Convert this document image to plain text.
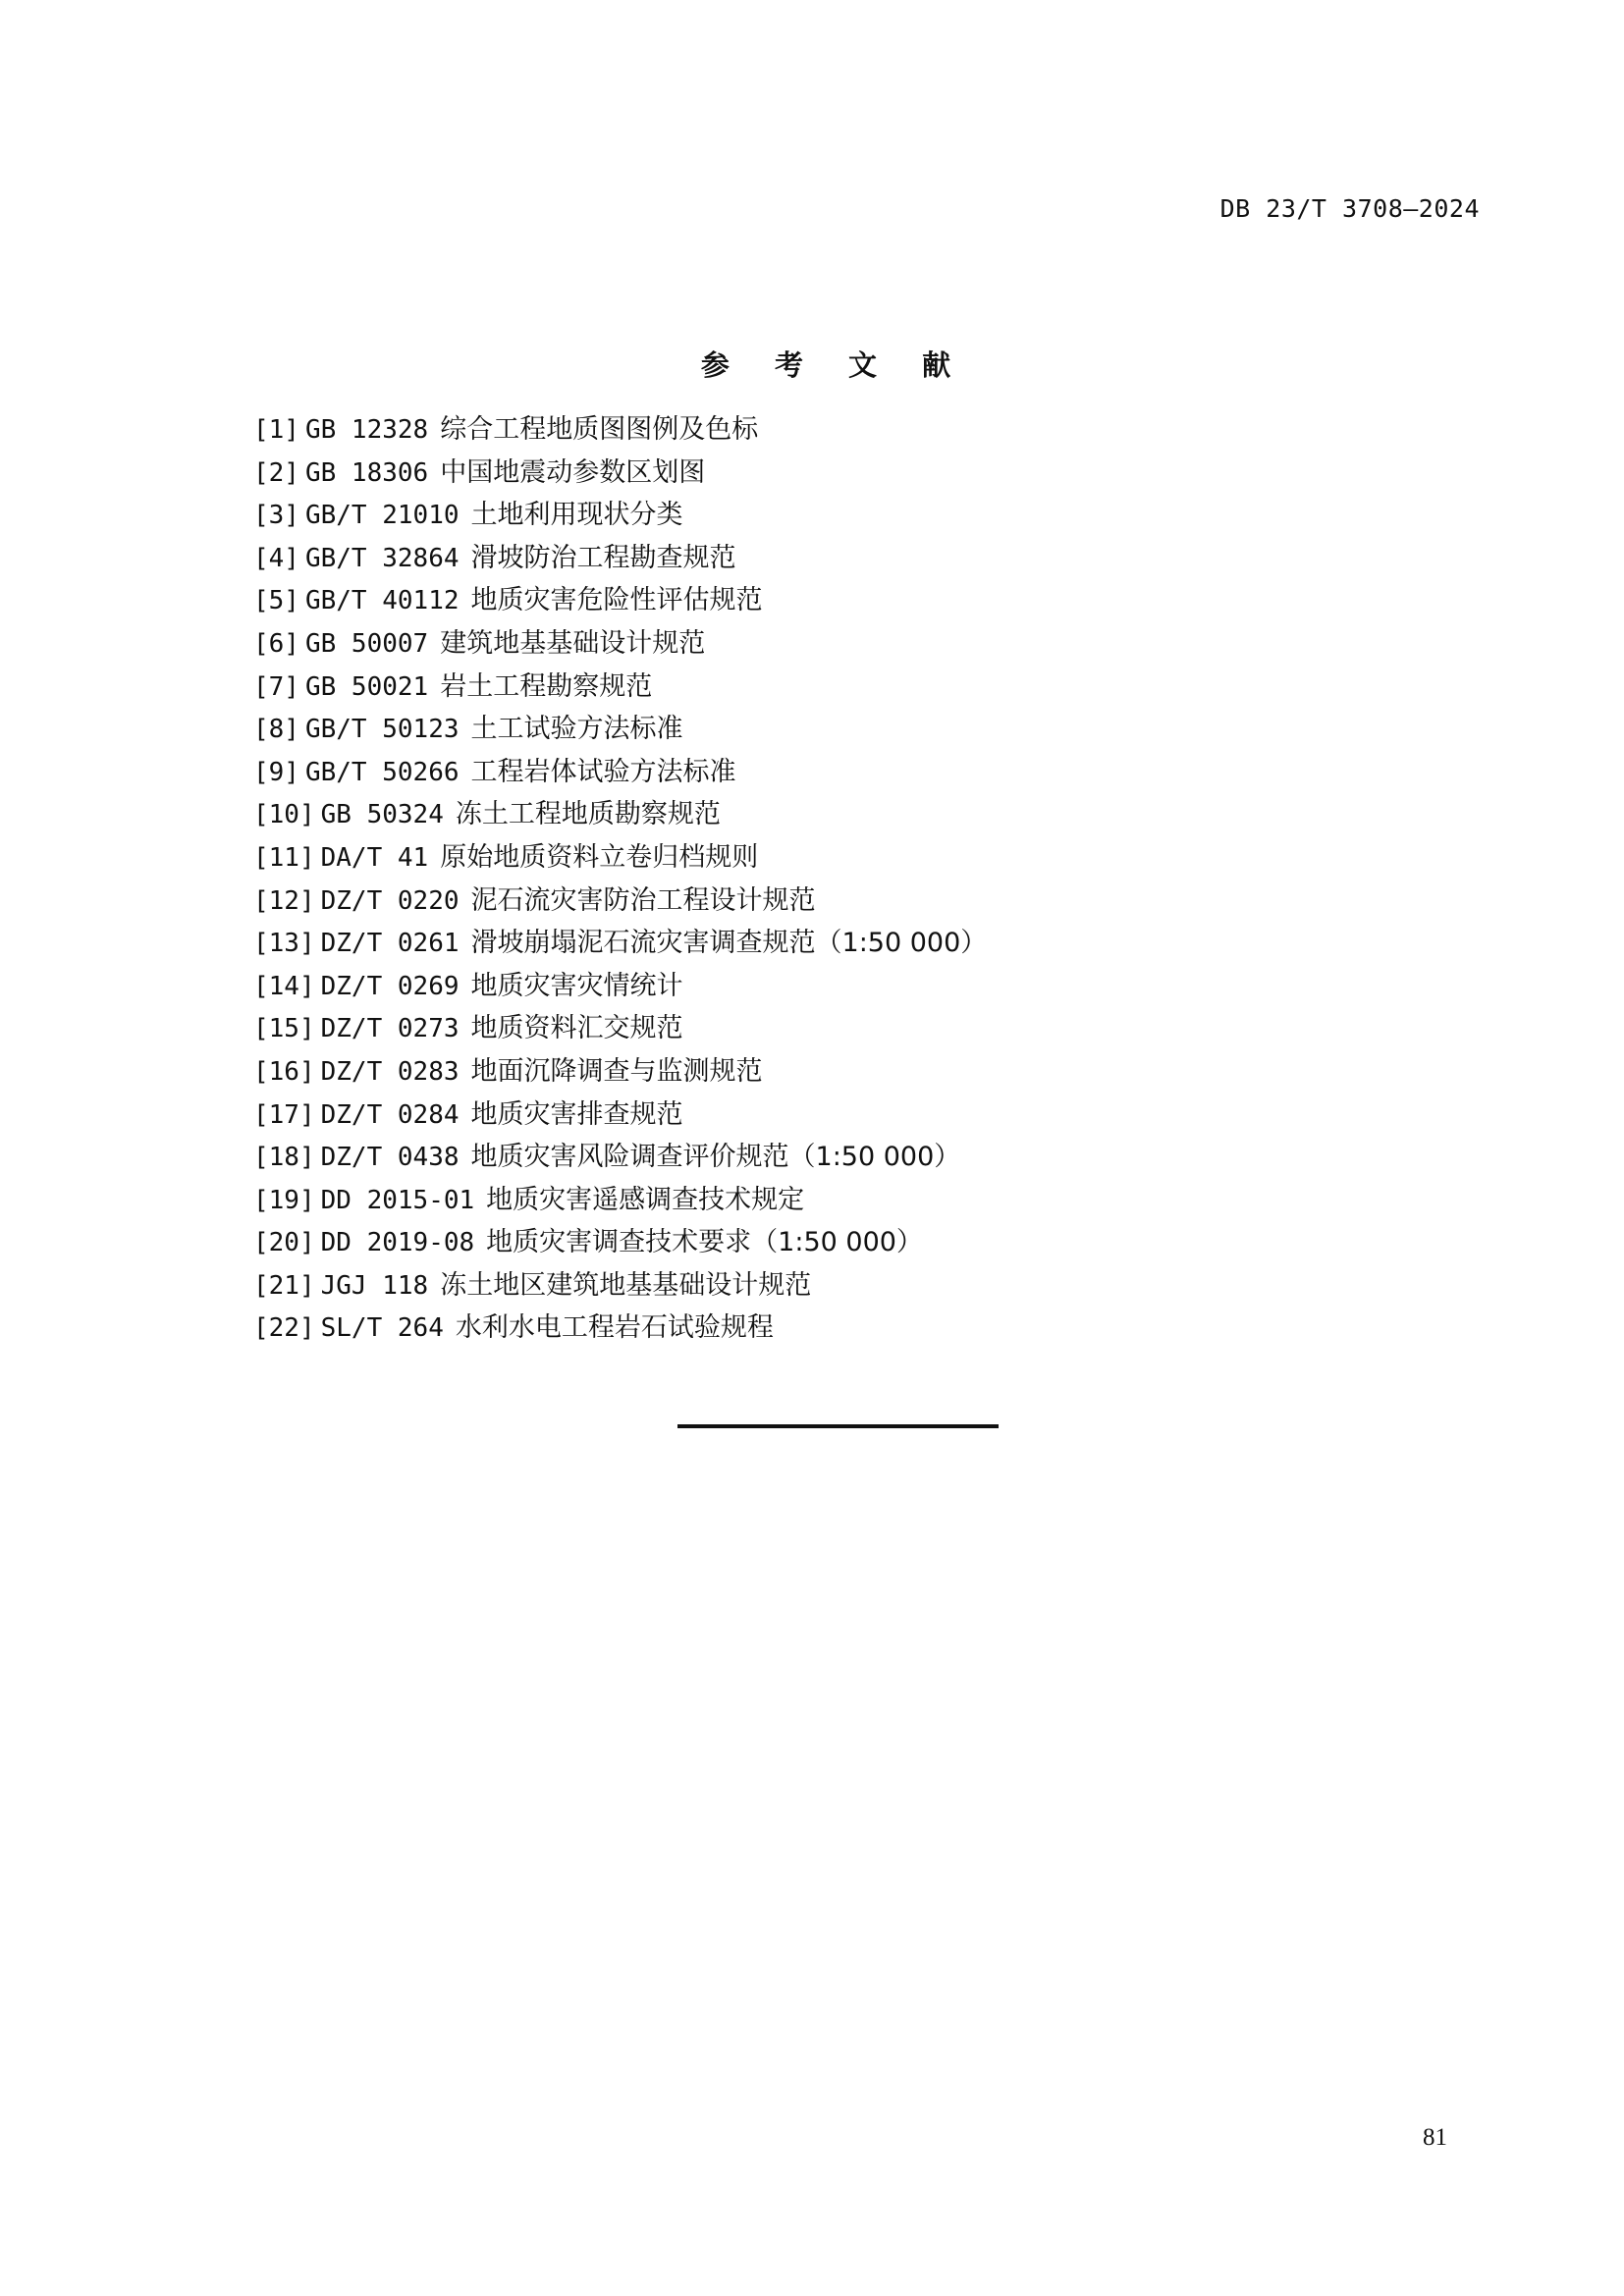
DB 23/T 3708—2024
参 考 文 献
[1] GB 12328 综合工程地质图图例及色标
[2] GB 18306 中国地震动参数区划图
[3] GB/T 21010 土地利用现状分类
[4] GB/T 32864 滑坡防治工程勘查规范
[5] GB/T 40112 地质灾害危险性评估规范
[6] GB 50007 建筑地基基础设计规范
[7] GB 50021 岩土工程勘察规范
[8] GB/T 50123 土工试验方法标准
[9] GB/T 50266 工程岩体试验方法标准
[10] GB 50324 冻土工程地质勘察规范
[11] DA/T 41 原始地质资料立卷归档规则
[12] DZ/T 0220 泥石流灾害防治工程设计规范
[13] DZ/T 0261 滑坡崩塌泥石流灾害调查规范（1:50 000）
[14] DZ/T 0269 地质灾害灾情统计
[15] DZ/T 0273 地质资料汇交规范
[16] DZ/T 0283 地面沉降调查与监测规范
[17] DZ/T 0284 地质灾害排查规范
[18] DZ/T 0438 地质灾害风险调查评价规范（1:50 000）
[19] DD 2015-01 地质灾害遥感调查技术规定
[20] DD 2019-08 地质灾害调查技术要求（1:50 000）
[21] JGJ 118 冻土地区建筑地基基础设计规范
[22] SL/T 264 水利水电工程岩石试验规程
81
